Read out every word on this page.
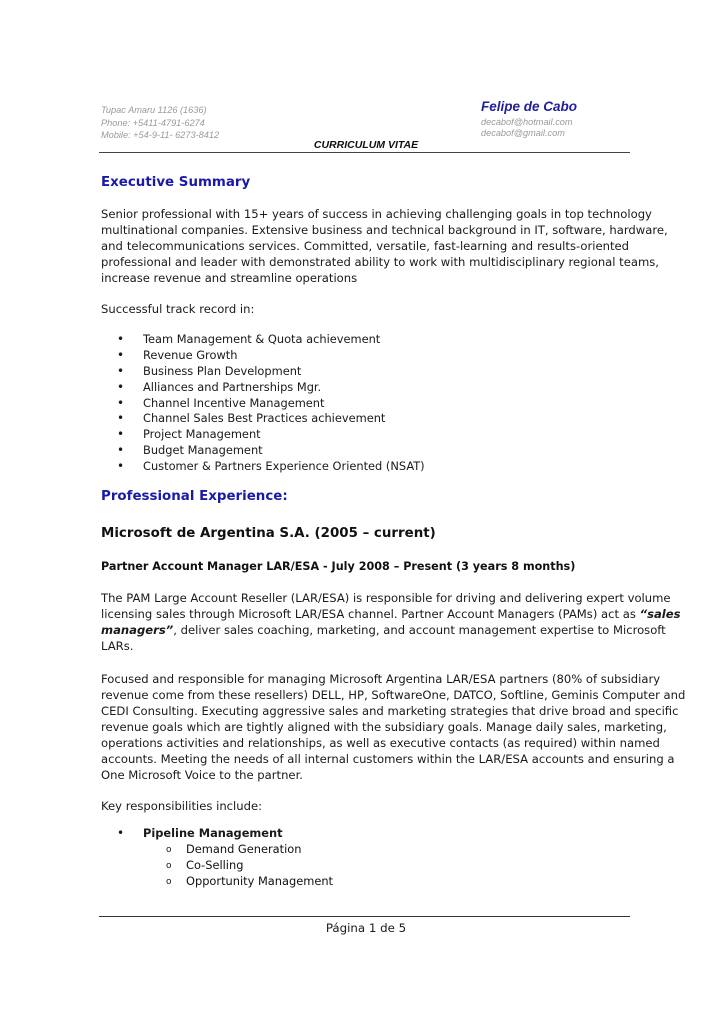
Tupac Amaru 1126 (1636)
Phone: +5411-4791-6274
Mobile: +54-9-11- 6273-8412
Felipe de Cabo
decabof@hotmail.com
decabof@gmail.com
CURRICULUM VITAE
Executive Summary
Senior professional with 15+ years of success in achieving challenging goals in top technology
multinational companies. Extensive business and technical background in IT, software, hardware,
and telecommunications services. Committed, versatile, fast-learning and results-oriented
professional and leader with demonstrated ability to work with multidisciplinary regional teams,
increase revenue and streamline operations
Successful track record in:
•	Team Management & Quota achievement
•	Revenue Growth
•	Business Plan Development
•	Alliances and Partnerships Mgr.
•	Channel Incentive Management
•	Channel Sales Best Practices achievement
•	Project Management
•	Budget Management
•	Customer & Partners Experience Oriented (NSAT)
Professional Experience:
Microsoft de Argentina S.A. (2005 – current)
Partner Account Manager LAR/ESA - July 2008 – Present (3 years 8 months)
The PAM Large Account Reseller (LAR/ESA) is responsible for driving and delivering expert volume
licensing sales through Microsoft LAR/ESA channel. Partner Account Managers (PAMs) act as “sales
managers”, deliver sales coaching, marketing, and account management expertise to Microsoft
LARs.
Focused and responsible for managing Microsoft Argentina LAR/ESA partners (80% of subsidiary
revenue come from these resellers) DELL, HP, SoftwareOne, DATCO, Softline, Geminis Computer and
CEDI Consulting. Executing aggressive sales and marketing strategies that drive broad and specific
revenue goals which are tightly aligned with the subsidiary goals. Manage daily sales, marketing,
operations activities and relationships, as well as executive contacts (as required) within named
accounts. Meeting the needs of all internal customers within the LAR/ESA accounts and ensuring a
One Microsoft Voice to the partner.
Key responsibilities include:
•	Pipeline Management
o Demand Generation
o Co-Selling
o Opportunity Management
Página 1 de 5
